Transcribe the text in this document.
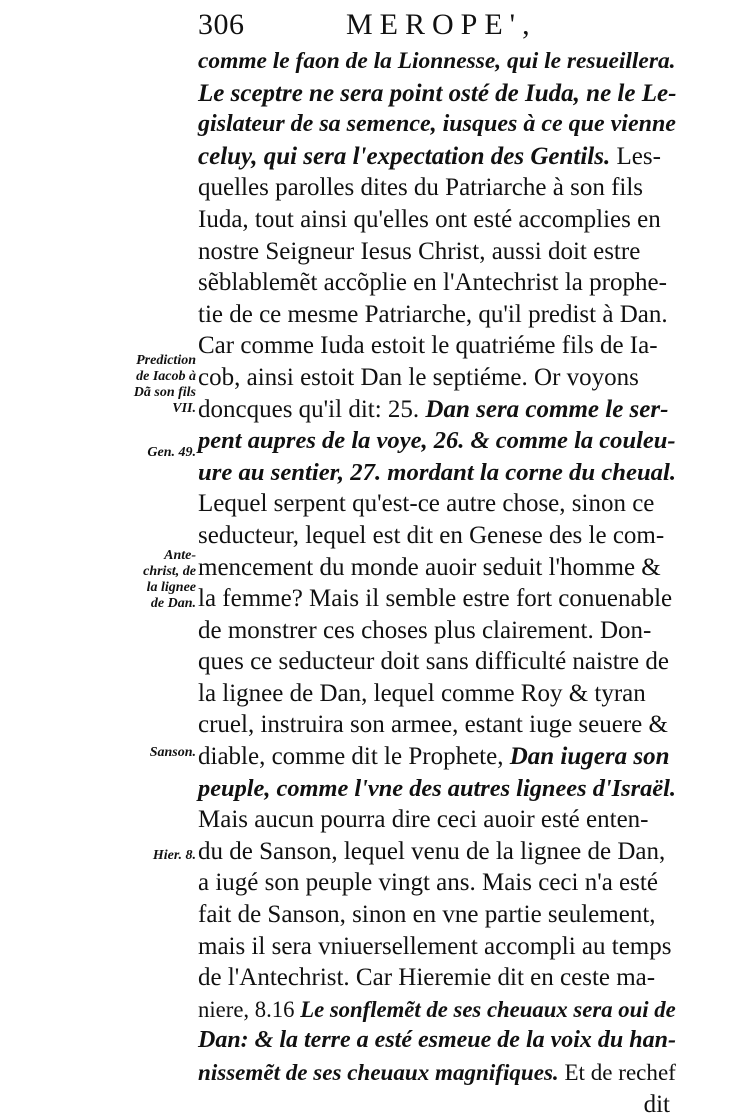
306	MEROPE',
comme le faon de la Lionnesse, qui le resueillera.
Le sceptre ne sera point osté de Iuda, ne le Le-
gislateur de sa semence, iusques à ce que vienne
celuy, qui sera l'expectation des Gentils. Les-
quelles parolles dites du Patriarche à son fils
Iuda, tout ainsi qu'elles ont esté accomplies en
nostre Seigneur Iesus Christ, aussi doit estre
sẽblablemẽt accõplie en l'Antechrist la prophe-
tie de ce mesme Patriarche, qu'il predist à Dan.
Car comme Iuda estoit le quatriéme fils de Ia-
cob, ainsi estoit Dan le septiéme. Or voyons
doncques qu'il dit: 25. Dan sera comme le ser-
pent aupres de la voye, 26. & comme la couleu-
ure au sentier, 27. mordant la corne du cheual.
Lequel serpent qu'est-ce autre chose, sinon ce
seducteur, lequel est dit en Genese des le com-
mencement du monde auoir seduit l'homme &
la femme? Mais il semble estre fort conuenable
de monstrer ces choses plus clairement. Don-
ques ce seducteur doit sans difficulté naistre de
la lignee de Dan, lequel comme Roy & tyran
cruel, instruira son armee, estant iuge seuere &
diable, comme dit le Prophete, Dan iugera son
peuple, comme l'vne des autres lignees d'Israël.
Mais aucun pourra dire ceci auoir esté enten-
du de Sanson, lequel venu de la lignee de Dan,
a iugé son peuple vingt ans. Mais ceci n'a esté
fait de Sanson, sinon en vne partie seulement,
mais il sera vniuersellement accompli au temps
de l'Antechrist. Car Hieremie dit en ceste ma-
niere, 8.16 Le sonflemẽt de ses cheuaux sera oui de
Dan: & la terre a esté esmeue de la voix du han-
nissemẽt de ses cheuaux magnifiques. Et de rechef
dit
Prediction
de Iacob à
Dã son fils
VII.
Gen. 49.
Ante-
christ, de
la lignee
de Dan.
Sanson.
Hier. 8.
